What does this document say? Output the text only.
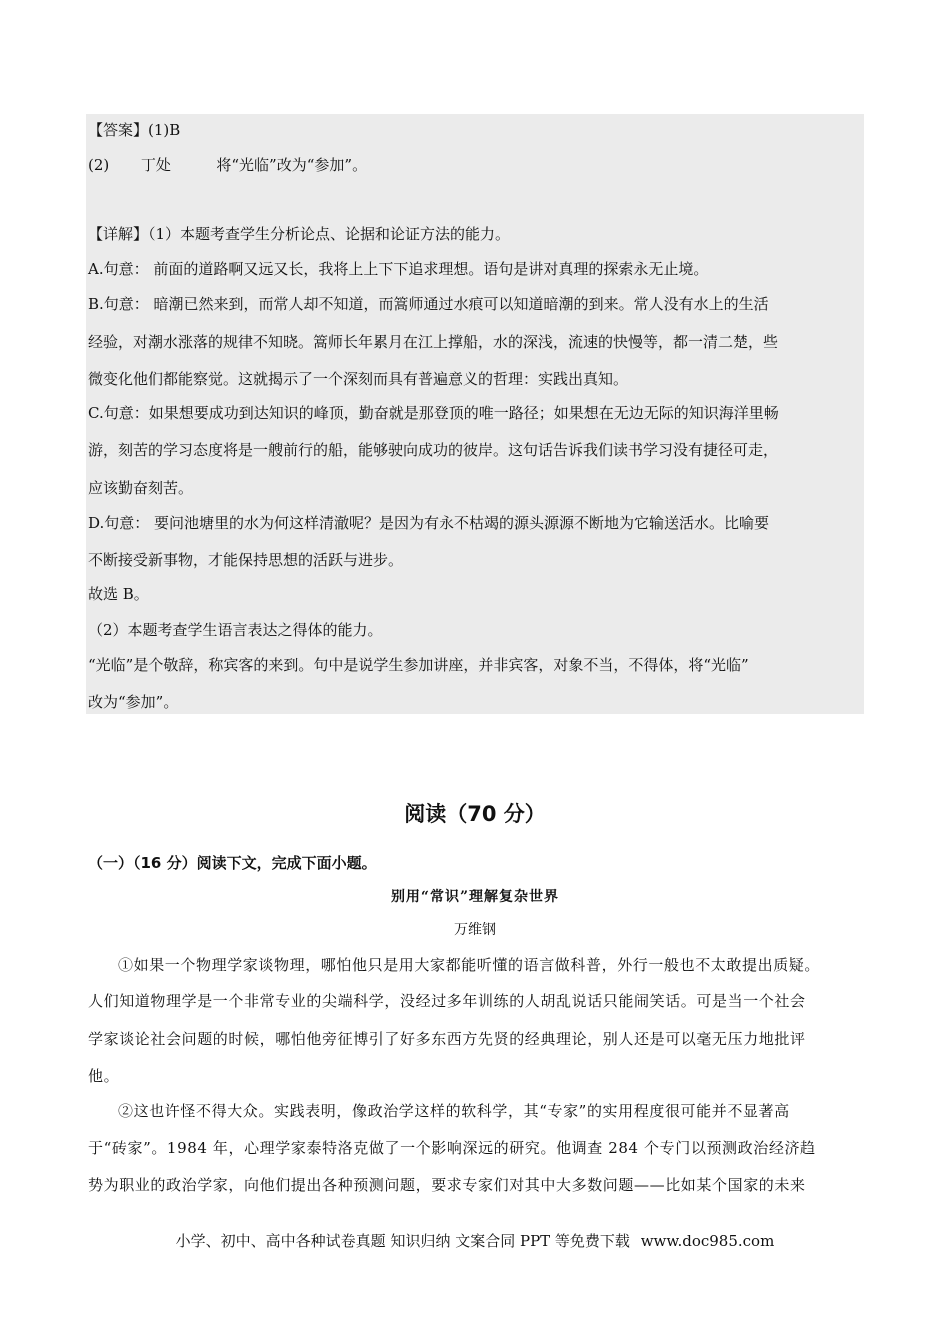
【答案】(1)B
(2) 丁处	将“光临”改为“参加”。
【详解】（1）本题考查学生分析论点、论据和论证方法的能力。
A.句意： 前面的道路啊又远又长，我将上上下下追求理想。语句是讲对真理的探索永无止境。
B.句意： 暗潮已然来到，而常人却不知道，而篙师通过水痕可以知道暗潮的到来。常人没有水上的生活
经验，对潮水涨落的规律不知晓。篙师长年累月在江上撑船，水的深浅，流速的快慢等，都一清二楚，些
微变化他们都能察觉。这就揭示了一个深刻而具有普遍意义的哲理：实践出真知。
C.句意：如果想要成功到达知识的峰顶，勤奋就是那登顶的唯一路径；如果想在无边无际的知识海洋里畅
游，刻苦的学习态度将是一艘前行的船，能够驶向成功的彼岸。这句话告诉我们读书学习没有捷径可走，
应该勤奋刻苦。
D.句意： 要问池塘里的水为何这样清澈呢？是因为有永不枯竭的源头源源不断地为它输送活水。比喻要
不断接受新事物，才能保持思想的活跃与进步。
故选 B。
（2）本题考查学生语言表达之得体的能力。
“光临”是个敬辞，称宾客的来到。句中是说学生参加讲座，并非宾客，对象不当，不得体，将“光临”
改为“参加”。
阅读（70 分）
（一）（16 分）阅读下文，完成下面小题。
别用“常识”理解复杂世界
万维钢
①如果一个物理学家谈物理，哪怕他只是用大家都能听懂的语言做科普，外行一般也不太敢提出质疑。
人们知道物理学是一个非常专业的尖端科学，没经过多年训练的人胡乱说话只能闹笑话。可是当一个社会
学家谈论社会问题的时候，哪怕他旁征博引了好多东西方先贤的经典理论，别人还是可以毫无压力地批评
他。
②这也许怪不得大众。实践表明，像政治学这样的软科学，其“专家”的实用程度很可能并不显著高
于“砖家”。1984 年，心理学家泰特洛克做了一个影响深远的研究。他调查 284 个专门以预测政治经济趋
势为职业的政治学家，向他们提出各种预测问题，要求专家们对其中大多数问题——比如某个国家的未来
小学、初中、高中各种试卷真题 知识归纳 文案合同 PPT 等免费下载 www.doc985.com
